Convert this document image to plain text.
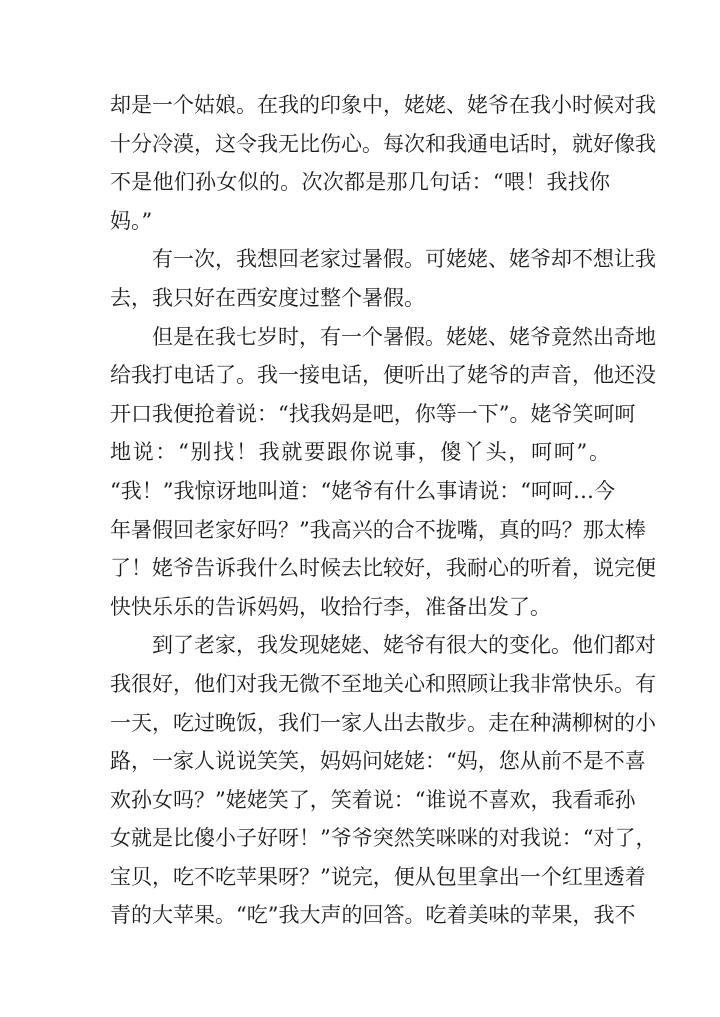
却是一个姑娘。在我的印象中，姥姥、姥爷在我小时候对我
十分冷漠，这令我无比伤心。每次和我通电话时，就好像我
不是他们孙女似的。次次都是那几句话：“喂！我找你
妈。”
有一次，我想回老家过暑假。可姥姥、姥爷却不想让我
去，我只好在西安度过整个暑假。
但是在我七岁时，有一个暑假。姥姥、姥爷竟然出奇地
给我打电话了。我一接电话，便听出了姥爷的声音，他还没
开口我便抢着说：“找我妈是吧，你等一下”。姥爷笑呵呵
地说：“别找！我就要跟你说事，傻丫头，呵呵”。
“我！”我惊讶地叫道：“姥爷有什么事请说：“呵呵…今
年暑假回老家好吗？”我高兴的合不拢嘴，真的吗？那太棒
了！姥爷告诉我什么时候去比较好，我耐心的听着，说完便
快快乐乐的告诉妈妈，收拾行李，准备出发了。
到了老家，我发现姥姥、姥爷有很大的变化。他们都对
我很好，他们对我无微不至地关心和照顾让我非常快乐。有
一天，吃过晚饭，我们一家人出去散步。走在种满柳树的小
路，一家人说说笑笑，妈妈问姥姥：“妈，您从前不是不喜
欢孙女吗？”姥姥笑了，笑着说：“谁说不喜欢，我看乖孙
女就是比傻小子好呀！”爷爷突然笑咪咪的对我说：“对了，
宝贝，吃不吃苹果呀？”说完，便从包里拿出一个红里透着
青的大苹果。“吃”我大声的回答。吃着美味的苹果，我不
